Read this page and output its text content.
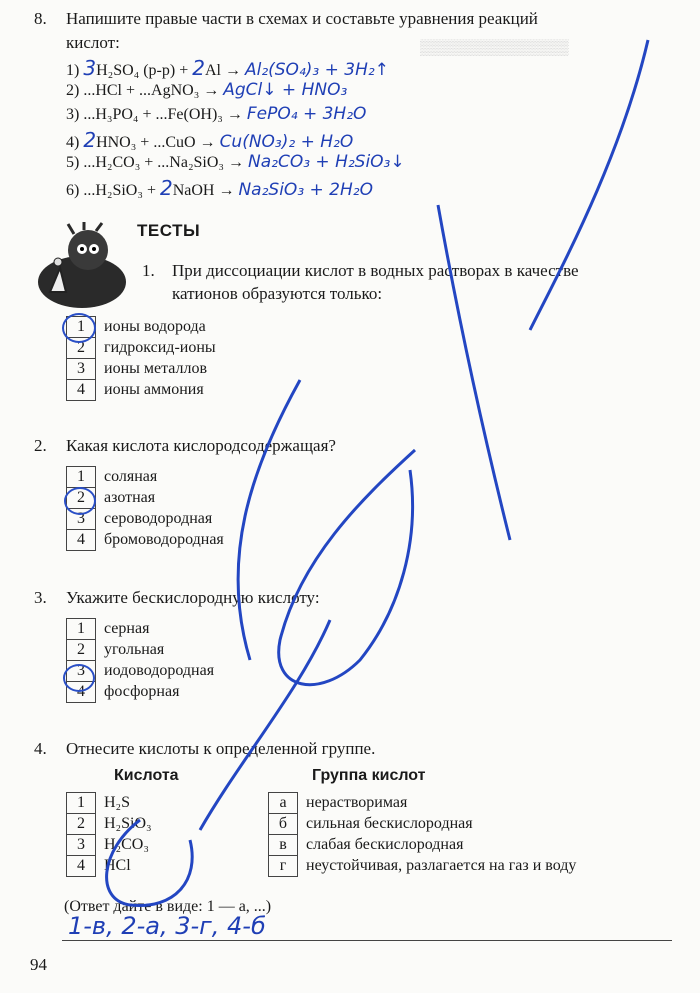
▒▒▒▒▒▒▒▒▒▒▒▒▒▒
8. Напишите правые части в схемах и составьте уравнения реакций
кислот:
1) 3H₂SO₄ (р-р) + 2Al → Al₂(SO₄)₃ + 3H₂↑
2) ...HCl + ...AgNO₃ → AgCl↓ + HNO₃
3) ...H₃PO₄ + ...Fe(OH)₃ → FePO₄ + 3H₂O
4) 2HNO₃ + ...CuO → Cu(NO₃)₂ + H₂O
5) ...H₂CO₃ + ...Na₂SiO₃ → Na₂CO₃ + H₂SiO₃↓
6) ...H₂SiO₃ + 2NaOH → Na₂SiO₃ + 2H₂O
ТЕСТЫ
1. При диссоциации кислот в водных растворах в качестве
катионов образуются только:
1	ионы водорода
2	гидроксид-ионы
3	ионы металлов
4	ионы аммония
2. Какая кислота кислородсодержащая?
1	соляная
2	азотная
3	сероводородная
4	бромоводородная
3. Укажите бескислородную кислоту:
1	серная
2	угольная
3	иодоводородная
4	фосфорная
4. Отнесите кислоты к определенной группе.
Кислота	Группа кислот
1	H₂S
2	H₂SiO₃
3	H₂CO₃
4	HCl
а	нерастворимая
б	сильная бескислородная
в	слабая бескислородная
г	неустойчивая, разлагается на газ и воду
(Ответ дайте в виде: 1 — а, ...)
1-в, 2-а, 3-г, 4-б
94
